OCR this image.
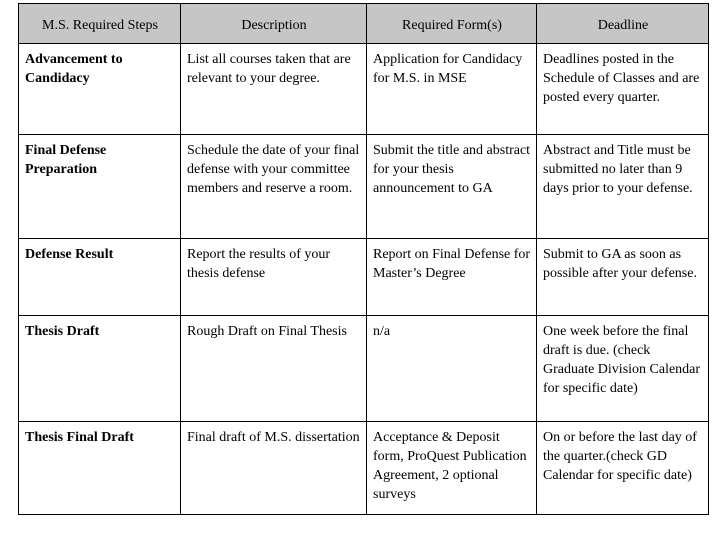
M.S. Required Steps	Description	Required Form(s)	Deadline
Advancement to Candidacy	List all courses taken that are relevant to your degree.	Application for Candidacy for M.S. in MSE	Deadlines posted in the Schedule of Classes and are posted every quarter.
Final Defense Preparation	Schedule the date of your final defense with your committee members and reserve a room.	Submit the title and abstract for your thesis announcement to GA	Abstract and Title must be submitted no later than 9 days prior to your defense.
Defense Result	Report the results of your thesis defense	Report on Final Defense for Master’s Degree	Submit to GA as soon as possible after your defense.
Thesis Draft	Rough Draft on Final Thesis	n/a	One week before the final draft is due. (check Graduate Division Calendar for specific date)
Thesis Final Draft	Final draft of M.S. dissertation	Acceptance & Deposit form, ProQuest Publication Agreement, 2 optional surveys	On or before the last day of the quarter.(check GD Calendar for specific date)
